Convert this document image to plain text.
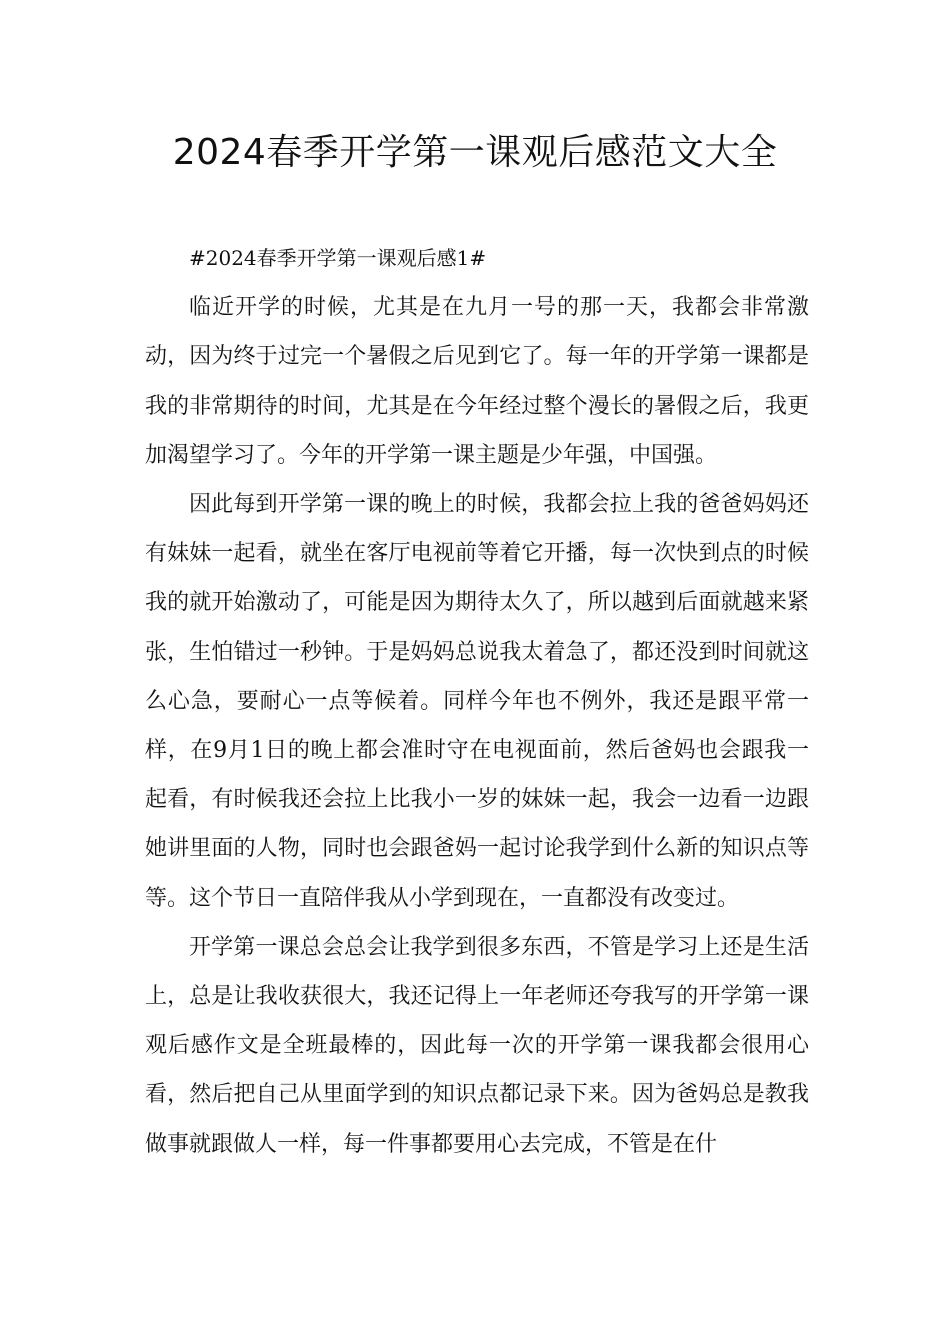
2024春季开学第一课观后感范文大全

#2024春季开学第一课观后感1#

临近开学的时候，尤其是在九月一号的那一天，我都会非常激动，因为终于过完一个暑假之后见到它了。每一年的开学第一课都是我的非常期待的时间，尤其是在今年经过整个漫长的暑假之后，我更加渴望学习了。今年的开学第一课主题是少年强，中国强。

因此每到开学第一课的晚上的时候，我都会拉上我的爸爸妈妈还有妹妹一起看，就坐在客厅电视前等着它开播，每一次快到点的时候我的就开始激动了，可能是因为期待太久了，所以越到后面就越来紧张，生怕错过一秒钟。于是妈妈总说我太着急了，都还没到时间就这么心急，要耐心一点等候着。同样今年也不例外，我还是跟平常一样，在9月1日的晚上都会准时守在电视面前，然后爸妈也会跟我一起看，有时候我还会拉上比我小一岁的妹妹一起，我会一边看一边跟她讲里面的人物，同时也会跟爸妈一起讨论我学到什么新的知识点等等。这个节日一直陪伴我从小学到现在，一直都没有改变过。

开学第一课总会总会让我学到很多东西，不管是学习上还是生活上，总是让我收获很大，我还记得上一年老师还夸我写的开学第一课观后感作文是全班最棒的，因此每一次的开学第一课我都会很用心看，然后把自己从里面学到的知识点都记录下来。因为爸妈总是教我做事就跟做人一样，每一件事都要用心去完成，不管是在什
